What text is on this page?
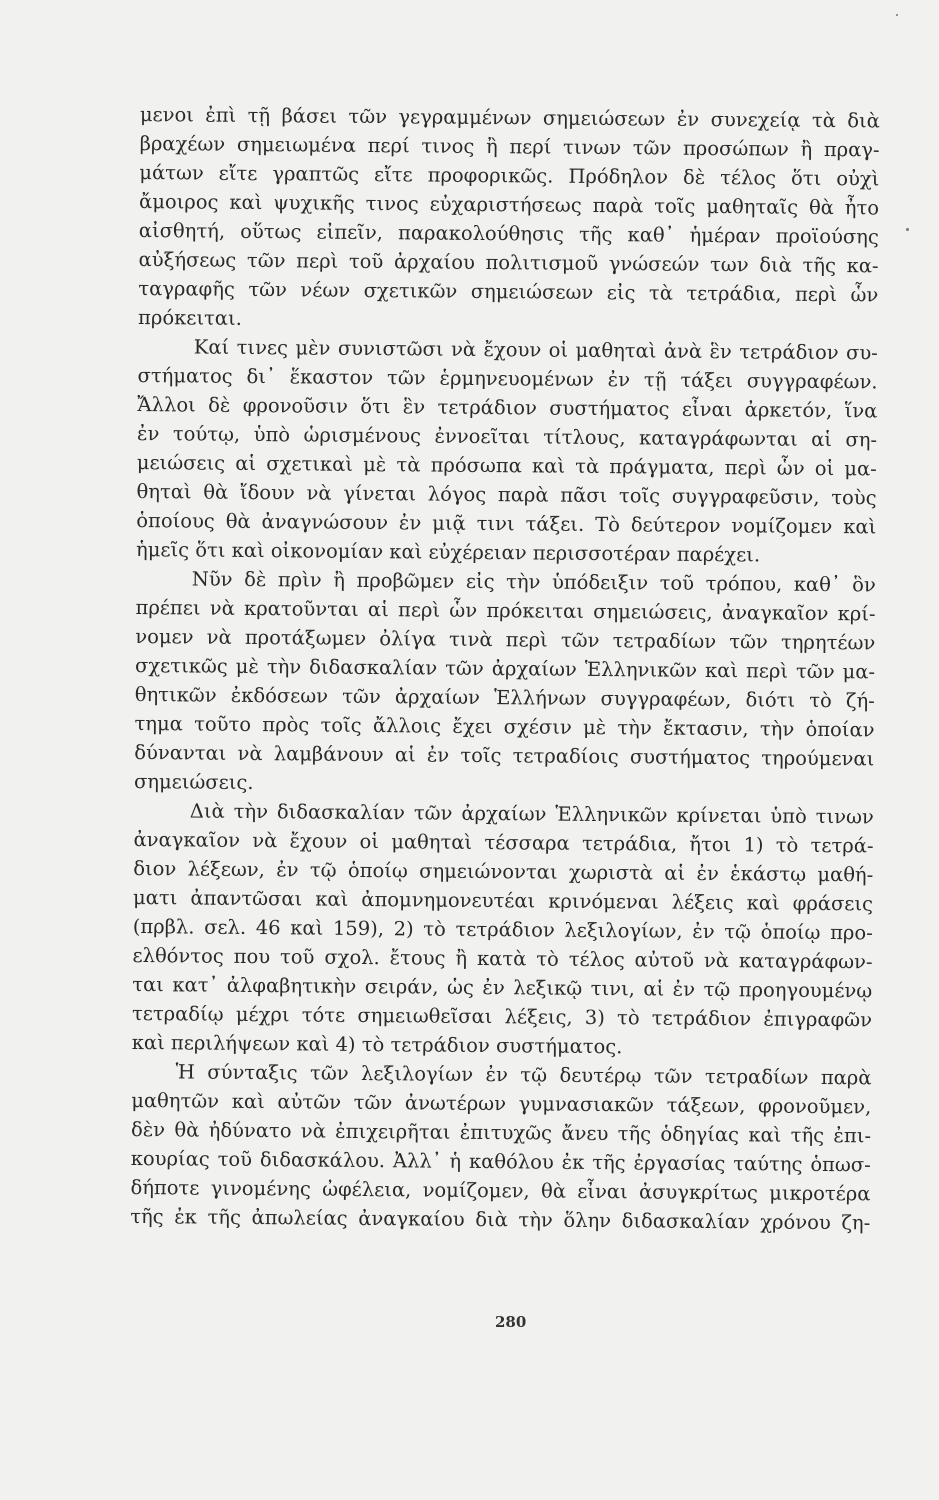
μενοι ἐπὶ τῇ βάσει τῶν γεγραμμένων σημειώσεων ἐν συνεχείᾳ τὰ διὰ
βραχέων σημειωμένα περί τινος ἢ περί τινων τῶν προσώπων ἢ πραγ-
μάτων εἴτε γραπτῶς εἴτε προφορικῶς. Πρόδηλον δὲ τέλος ὅτι οὐχὶ
ἄμοιρος καὶ ψυχικῆς τινος εὐχαριστήσεως παρὰ τοῖς μαθηταῖς θὰ ἦτο
αἰσθητή, οὕτως εἰπεῖν, παρακολούθησις τῆς καθ᾽ ἡμέραν προϊούσης
αὐξήσεως τῶν περὶ τοῦ ἀρχαίου πολιτισμοῦ γνώσεών των διὰ τῆς κα-
ταγραφῆς τῶν νέων σχετικῶν σημειώσεων εἰς τὰ τετράδια, περὶ ὧν
πρόκειται.
Καί τινες μὲν συνιστῶσι νὰ ἔχουν οἱ μαθηταὶ ἀνὰ ἓν τετράδιον συ-
στήματος δι᾽ ἕκαστον τῶν ἑρμηνευομένων ἐν τῇ τάξει συγγραφέων.
Ἄλλοι δὲ φρονοῦσιν ὅτι ἓν τετράδιον συστήματος εἶναι ἀρκετόν, ἵνα
ἐν τούτῳ, ὑπὸ ὡρισμένους ἐννοεῖται τίτλους, καταγράφωνται αἱ ση-
μειώσεις αἱ σχετικαὶ μὲ τὰ πρόσωπα καὶ τὰ πράγματα, περὶ ὧν οἱ μα-
θηταὶ θὰ ἴδουν νὰ γίνεται λόγος παρὰ πᾶσι τοῖς συγγραφεῦσιν, τοὺς
ὁποίους θὰ ἀναγνώσουν ἐν μιᾷ τινι τάξει. Τὸ δεύτερον νομίζομεν καὶ
ἡμεῖς ὅτι καὶ οἰκονομίαν καὶ εὐχέρειαν περισσοτέραν παρέχει.
Νῦν δὲ πρὶν ἢ προβῶμεν εἰς τὴν ὑπόδειξιν τοῦ τρόπου, καθ᾽ ὃν
πρέπει νὰ κρατοῦνται αἱ περὶ ὧν πρόκειται σημειώσεις, ἀναγκαῖον κρί-
νομεν νὰ προτάξωμεν ὀλίγα τινὰ περὶ τῶν τετραδίων τῶν τηρητέων
σχετικῶς μὲ τὴν διδασκαλίαν τῶν ἀρχαίων Ἑλληνικῶν καὶ περὶ τῶν μα-
θητικῶν ἐκδόσεων τῶν ἀρχαίων Ἑλλήνων συγγραφέων, διότι τὸ ζή-
τημα τοῦτο πρὸς τοῖς ἄλλοις ἔχει σχέσιν μὲ τὴν ἔκτασιν, τὴν ὁποίαν
δύνανται νὰ λαμβάνουν αἱ ἐν τοῖς τετραδίοις συστήματος τηρούμεναι
σημειώσεις.
Διὰ τὴν διδασκαλίαν τῶν ἀρχαίων Ἑλληνικῶν κρίνεται ὑπὸ τινων
ἀναγκαῖον νὰ ἔχουν οἱ μαθηταὶ τέσσαρα τετράδια, ἤτοι 1) τὸ τετρά-
διον λέξεων, ἐν τῷ ὁποίῳ σημειώνονται χωριστὰ αἱ ἐν ἑκάστῳ μαθή-
ματι ἀπαντῶσαι καὶ ἀπομνημονευτέαι κρινόμεναι λέξεις καὶ φράσεις
(πρβλ. σελ. 46 καὶ 159), 2) τὸ τετράδιον λεξιλογίων, ἐν τῷ ὁποίῳ προ-
ελθόντος που τοῦ σχολ. ἔτους ἢ κατὰ τὸ τέλος αὐτοῦ νὰ καταγράφων-
ται κατ᾽ ἀλφαβητικὴν σειράν, ὡς ἐν λεξικῷ τινι, αἱ ἐν τῷ προηγουμένῳ
τετραδίῳ μέχρι τότε σημειωθεῖσαι λέξεις, 3) τὸ τετράδιον ἐπιγραφῶν
καὶ περιλήψεων καὶ 4) τὸ τετράδιον συστήματος.
Ἡ σύνταξις τῶν λεξιλογίων ἐν τῷ δευτέρῳ τῶν τετραδίων παρὰ
μαθητῶν καὶ αὐτῶν τῶν ἀνωτέρων γυμνασιακῶν τάξεων, φρονοῦμεν,
δὲν θὰ ἠδύνατο νὰ ἐπιχειρῆται ἐπιτυχῶς ἄνευ τῆς ὁδηγίας καὶ τῆς ἐπι-
κουρίας τοῦ διδασκάλου. Ἀλλ᾽ ἡ καθόλου ἐκ τῆς ἐργασίας ταύτης ὁπωσ-
δήποτε γινομένης ὠφέλεια, νομίζομεν, θὰ εἶναι ἀσυγκρίτως μικροτέρα
τῆς ἐκ τῆς ἀπωλείας ἀναγκαίου διὰ τὴν ὅλην διδασκαλίαν χρόνου ζη-
280
